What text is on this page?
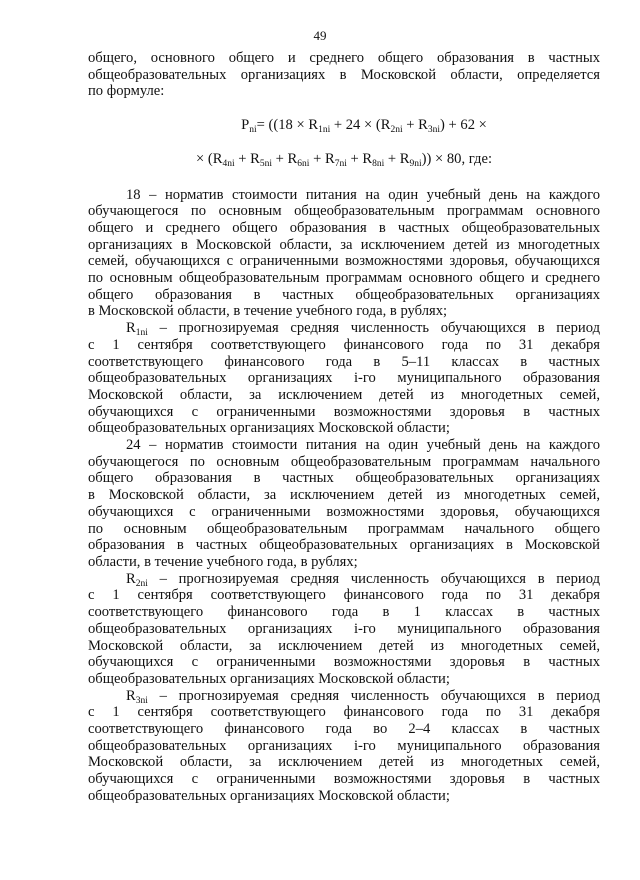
49

общего, основного общего и среднего общего образования в частных

общеобразовательных организациях в Московской области, определяется

по формуле:

$P_{ni}= ((18 \times R_{1ni} + 24 \times (R_{2ni} + R_{3ni}) + 62$ ×

× $(R_{4ni} + R_{5ni} + R_{6ni} + R_{7ni} + R_{8ni} + R_{9ni})) \times 80$, где:

18 – норматив стоимости питания на один учебный день на каждого

обучающегося по основным общеобразовательным программам основного

общего и среднего общего образования в частных общеобразовательных

организациях в Московской области, за исключением детей из многодетных

семей, обучающихся с ограниченными возможностями здоровья, обучающихся

по основным общеобразовательным программам основного общего и среднего

общего образования в частных общеобразовательных организациях

в Московской области, в течение учебного года, в рублях;

$R_{1ni}$ – прогнозируемая средняя численность обучающихся в период

с 1 сентября соответствующего финансового года по 31 декабря

соответствующего финансового года в 5–11 классах в частных

общеобразовательных организациях i-го муниципального образования

Московской области, за исключением детей из многодетных семей,

обучающихся с ограниченными возможностями здоровья в частных

общеобразовательных организациях Московской области;

24 – норматив стоимости питания на один учебный день на каждого

обучающегося по основным общеобразовательным программам начального

общего образования в частных общеобразовательных организациях

в Московской области, за исключением детей из многодетных семей,

обучающихся с ограниченными возможностями здоровья, обучающихся

по основным общеобразовательным программам начального общего

образования в частных общеобразовательных организациях в Московской

области, в течение учебного года, в рублях;

$R_{2ni}$ – прогнозируемая средняя численность обучающихся в период

с 1 сентября соответствующего финансового года по 31 декабря

соответствующего финансового года в 1 классах в частных

общеобразовательных организациях i-го муниципального образования

Московской области, за исключением детей из многодетных семей,

обучающихся с ограниченными возможностями здоровья в частных

общеобразовательных организациях Московской области;

$R_{3ni}$ – прогнозируемая средняя численность обучающихся в период

с 1 сентября соответствующего финансового года по 31 декабря

соответствующего финансового года во 2–4 классах в частных

общеобразовательных организациях i-го муниципального образования

Московской области, за исключением детей из многодетных семей,

обучающихся с ограниченными возможностями здоровья в частных

общеобразовательных организациях Московской области;
